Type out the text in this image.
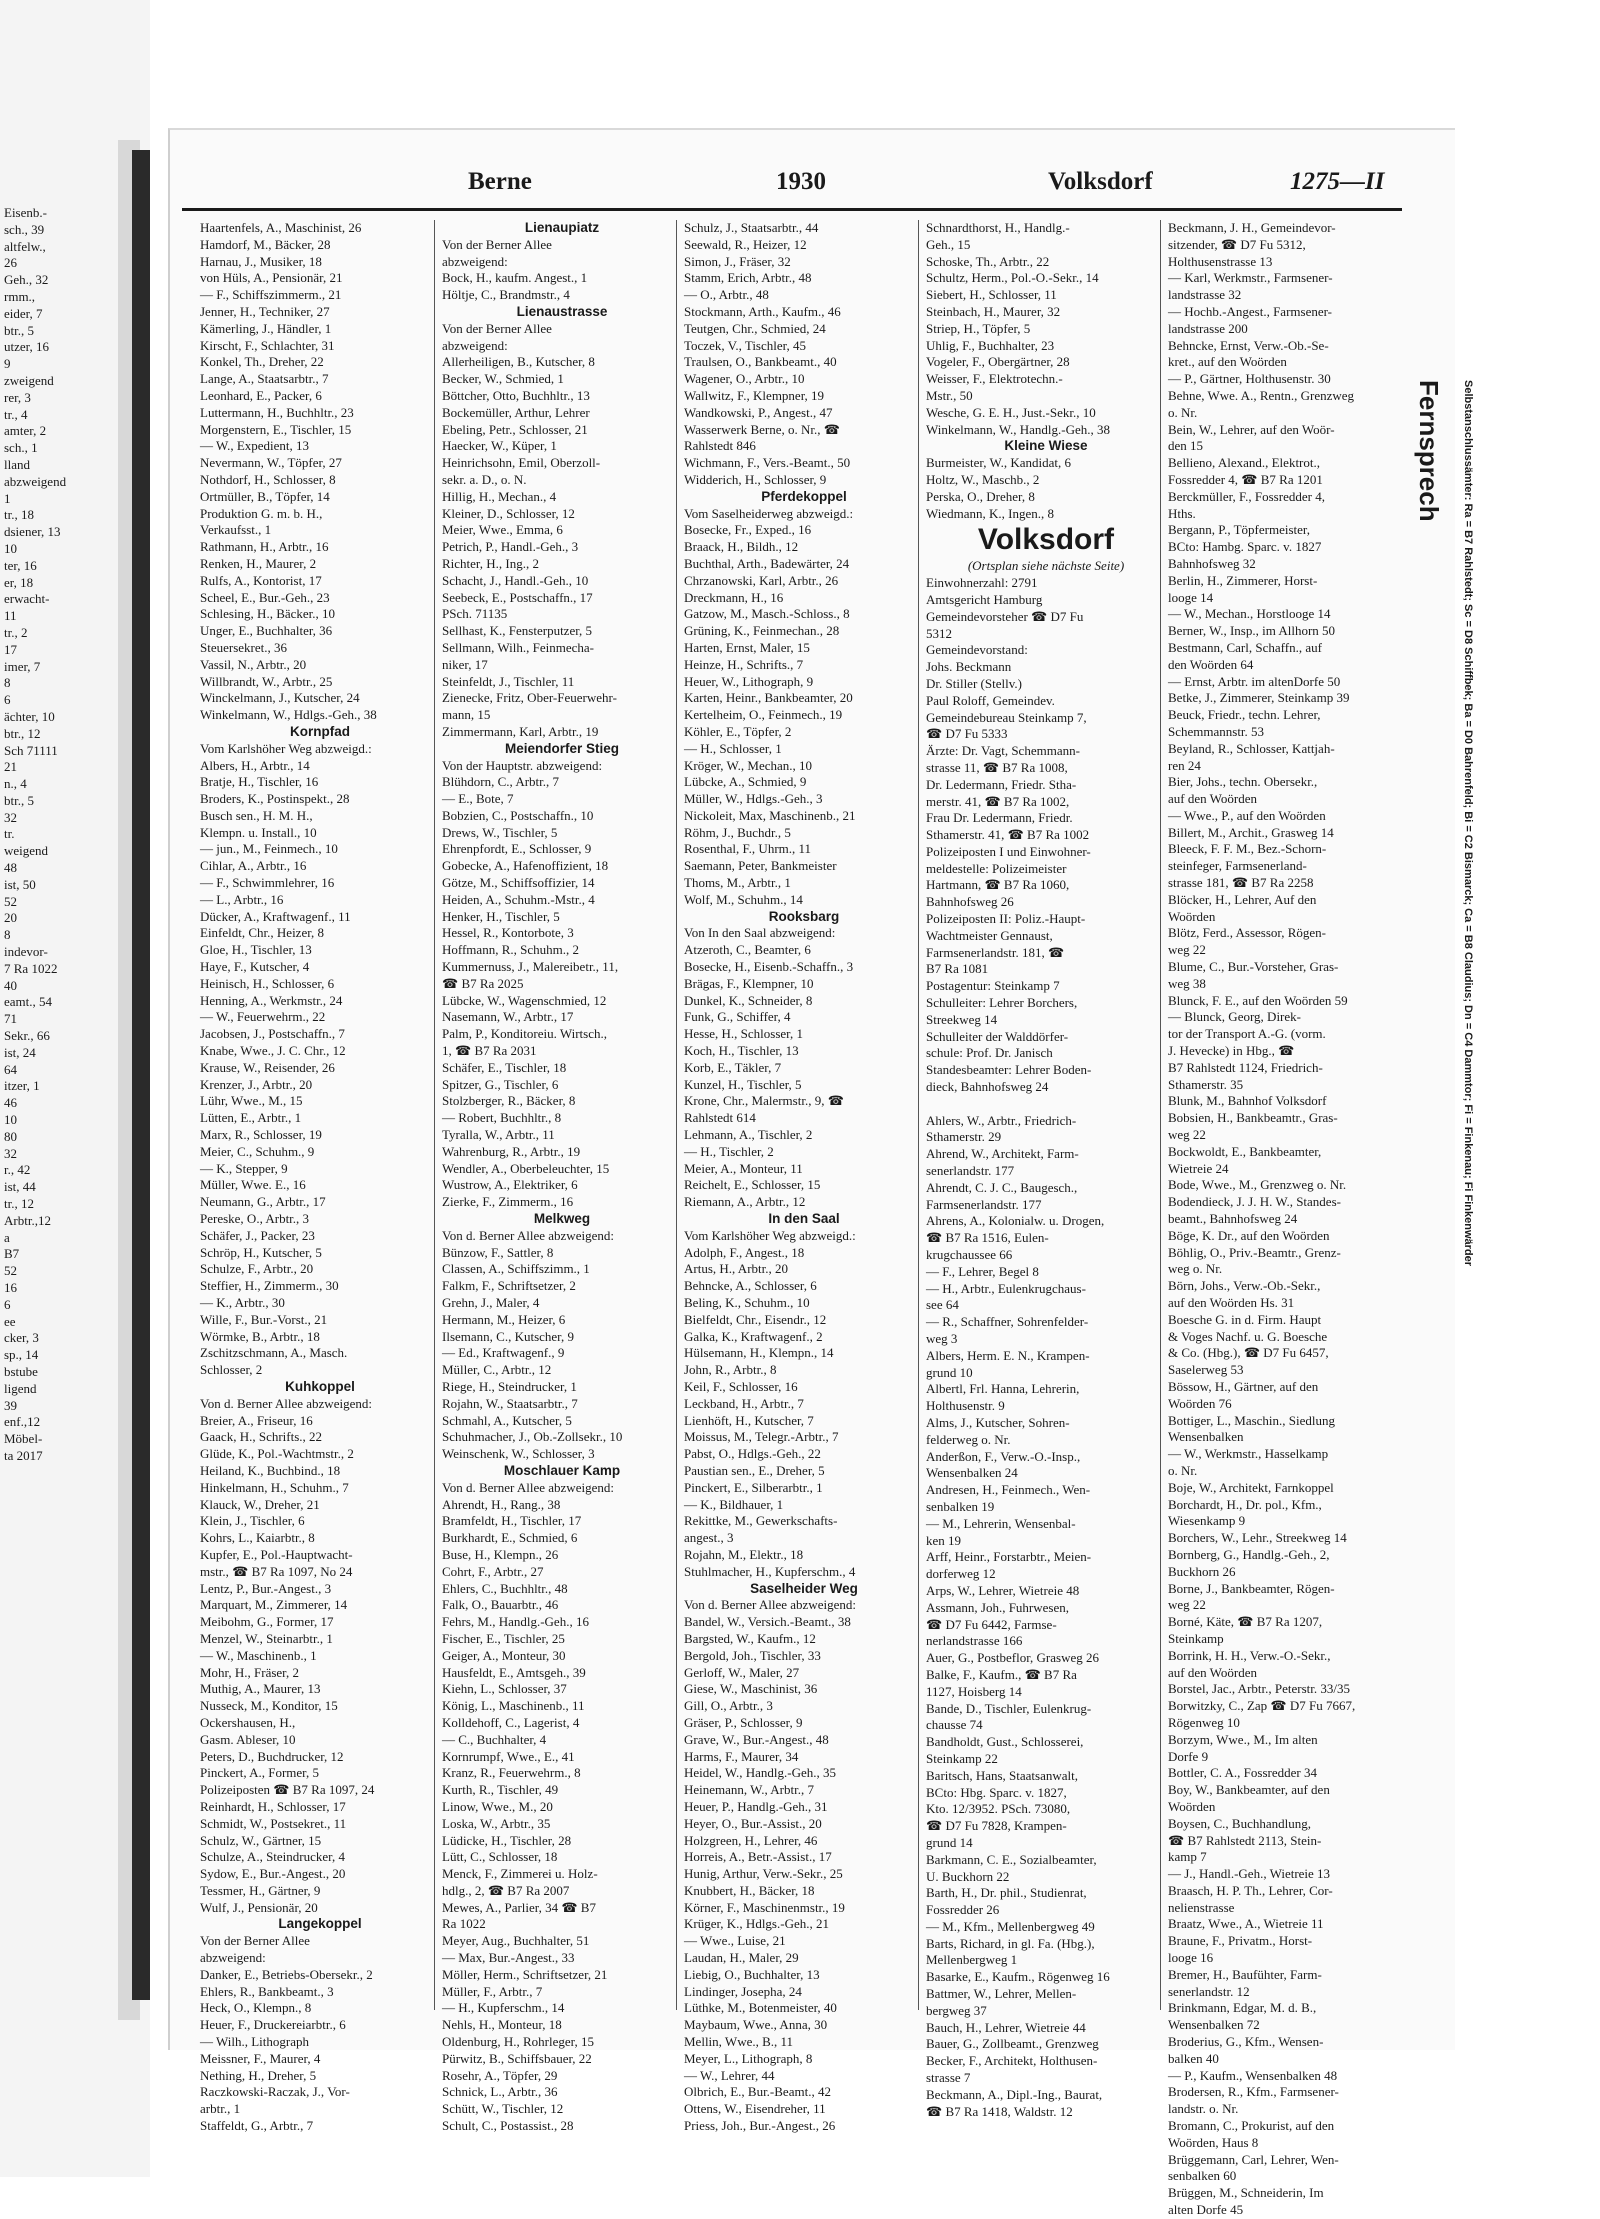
Eisenb.-
sch., 39
altfelw.,
26
Geh., 32
rmm.,
eider, 7
btr., 5
utzer, 16
9
zweigend
rer, 3
tr., 4
amter, 2
sch., 1
lland
abzweigend
1
tr., 18
dsiener, 13
10
ter, 16
er, 18
erwacht-
11
tr., 2
17
imer, 7
8
6
ächter, 10
btr., 12
Sch 71111
21
n., 4
btr., 5
32
tr.
weigend
48
ist, 50
52
20
8
indevor-
7 Ra 1022
40
eamt., 54
71
Sekr., 66
ist, 24
64
itzer, 1
46
10
80
32
r., 42
ist, 44
tr., 12
Arbtr.,12
a
B7
52
16
6
ee
cker, 3
sp., 14
bstube
ligend
39
enf.,12
Möbel-
ta 2017
Berne	1930	Volksdorf	1275—II
Haartenfels, A., Maschinist, 26
Hamdorf, M., Bäcker, 28
Harnau, J., Musiker, 18
von Hüls, A., Pensionär, 21
— F., Schiffszimmerm., 21
Jenner, H., Techniker, 27
Kämerling, J., Händler, 1
Kirscht, F., Schlachter, 31
Konkel, Th., Dreher, 22
Lange, A., Staatsarbtr., 7
Leonhard, E., Packer, 6
Luttermann, H., Buchhltr., 23
Morgenstern, E., Tischler, 15
— W., Expedient, 13
Nevermann, W., Töpfer, 27
Nothdorf, H., Schlosser, 8
Ortmüller, B., Töpfer, 14
Produktion G. m. b. H.,
Verkaufsst., 1
Rathmann, H., Arbtr., 16
Renken, H., Maurer, 2
Rulfs, A., Kontorist, 17
Scheel, E., Bur.-Geh., 23
Schlesing, H., Bäcker., 10
Unger, E., Buchhalter, 36
Steuersekret., 36
Vassil, N., Arbtr., 20
Willbrandt, W., Arbtr., 25
Winckelmann, J., Kutscher, 24
Winkelmann, W., Hdlgs.-Geh., 38
Kornpfad
Vom Karlshöher Weg abzweigd.:
Albers, H., Arbtr., 14
Bratje, H., Tischler, 16
Broders, K., Postinspekt., 28
Busch sen., H. M. H.,
Klempn. u. Install., 10
— jun., M., Feinmech., 10
Cihlar, A., Arbtr., 16
— F., Schwimmlehrer, 16
— L., Arbtr., 16
Dücker, A., Kraftwagenf., 11
Einfeldt, Chr., Heizer, 8
Gloe, H., Tischler, 13
Haye, F., Kutscher, 4
Heinisch, H., Schlosser, 6
Henning, A., Werkmstr., 24
— W., Feuerwehrm., 22
Jacobsen, J., Postschaffn., 7
Knabe, Wwe., J. C. Chr., 12
Krause, W., Reisender, 26
Krenzer, J., Arbtr., 20
Lühr, Wwe., M., 15
Lütten, E., Arbtr., 1
Marx, R., Schlosser, 19
Meier, C., Schuhm., 9
— K., Stepper, 9
Müller, Wwe. E., 16
Neumann, G., Arbtr., 17
Pereske, O., Arbtr., 3
Schäfer, J., Packer, 23
Schröp, H., Kutscher, 5
Schulze, F., Arbtr., 20
Steffier, H., Zimmerm., 30
— K., Arbtr., 30
Wille, F., Bur.-Vorst., 21
Wörmke, B., Arbtr., 18
Zschitzschmann, A., Masch.
Schlosser, 2
Kuhkoppel
Von d. Berner Allee abzweigend:
Breier, A., Friseur, 16
Gaack, H., Schrifts., 22
Glüde, K., Pol.-Wachtmstr., 2
Heiland, K., Buchbind., 18
Hinkelmann, H., Schuhm., 7
Klauck, W., Dreher, 21
Klein, J., Tischler, 6
Kohrs, L., Kaiarbtr., 8
Kupfer, E., Pol.-Hauptwacht-
mstr., ☎ B7 Ra 1097, No 24
Lentz, P., Bur.-Angest., 3
Marquart, M., Zimmerer, 14
Meibohm, G., Former, 17
Menzel, W., Steinarbtr., 1
— W., Maschinenb., 1
Mohr, H., Fräser, 2
Muthig, A., Maurer, 13
Nusseck, M., Konditor, 15
Ockershausen, H.,
Gasm. Ableser, 10
Peters, D., Buchdrucker, 12
Pinckert, A., Former, 5
Polizeiposten ☎ B7 Ra 1097, 24
Reinhardt, H., Schlosser, 17
Schmidt, W., Postsekret., 11
Schulz, W., Gärtner, 15
Schulze, A., Steindrucker, 4
Sydow, E., Bur.-Angest., 20
Tessmer, H., Gärtner, 9
Wulf, J., Pensionär, 20
Langekoppel
Von der Berner Allee
abzweigend:
Danker, E., Betriebs-Obersekr., 2
Ehlers, R., Bankbeamt., 3
Heck, O., Klempn., 8
Heuer, F., Druckereiarbtr., 6
— Wilh., Lithograph
Meissner, F., Maurer, 4
Nething, H., Dreher, 5
Raczkowski-Raczak, J., Vor-
arbtr., 1
Staffeldt, G., Arbtr., 7
Lienaupiatz
Von der Berner Allee
abzweigend:
Bock, H., kaufm. Angest., 1
Höltje, C., Brandmstr., 4
Lienaustrasse
Von der Berner Allee
abzweigend:
Allerheiligen, B., Kutscher, 8
Becker, W., Schmied, 1
Böttcher, Otto, Buchhltr., 13
Bockemüller, Arthur, Lehrer
Ebeling, Petr., Schlosser, 21
Haecker, W., Küper, 1
Heinrichsohn, Emil, Oberzoll-
sekr. a. D., o. N.
Hillig, H., Mechan., 4
Kleiner, D., Schlosser, 12
Meier, Wwe., Emma, 6
Petrich, P., Handl.-Geh., 3
Richter, H., Ing., 2
Schacht, J., Handl.-Geh., 10
Seebeck, E., Postschaffn., 17
PSch. 71135
Sellhast, K., Fensterputzer, 5
Sellmann, Wilh., Feinmecha-
niker, 17
Steinfeldt, J., Tischler, 11
Zienecke, Fritz, Ober-Feuerwehr-
mann, 15
Zimmermann, Karl, Arbtr., 19
Meiendorfer Stieg
Von der Hauptstr. abzweigend:
Blühdorn, C., Arbtr., 7
— E., Bote, 7
Bobzien, C., Postschaffn., 10
Drews, W., Tischler, 5
Ehrenpfordt, E., Schlosser, 9
Gobecke, A., Hafenoffizient, 18
Götze, M., Schiffsoffizier, 14
Heiden, A., Schuhm.-Mstr., 4
Henker, H., Tischler, 5
Hessel, R., Kontorbote, 3
Hoffmann, R., Schuhm., 2
Kummernuss, J., Malereibetr., 11,
☎ B7 Ra 2025
Lübcke, W., Wagenschmied, 12
Nasemann, W., Arbtr., 17
Palm, P., Konditoreiu. Wirtsch.,
1, ☎ B7 Ra 2031
Schäfer, E., Tischler, 18
Spitzer, G., Tischler, 6
Stolzberger, R., Bäcker, 8
— Robert, Buchhltr., 8
Tyralla, W., Arbtr., 11
Wahrenburg, R., Arbtr., 19
Wendler, A., Oberbeleuchter, 15
Wustrow, A., Elektriker, 6
Zierke, F., Zimmerm., 16
Melkweg
Von d. Berner Allee abzweigend:
Bünzow, F., Sattler, 8
Classen, A., Schiffszimm., 1
Falkm, F., Schriftsetzer, 2
Grehn, J., Maler, 4
Hermann, M., Heizer, 6
Ilsemann, C., Kutscher, 9
— Ed., Kraftwagenf., 9
Müller, C., Arbtr., 12
Riege, H., Steindrucker, 1
Rojahn, W., Staatsarbtr., 7
Schmahl, A., Kutscher, 5
Schuhmacher, J., Ob.-Zollsekr., 10
Weinschenk, W., Schlosser, 3
Moschlauer Kamp
Von d. Berner Allee abzweigend:
Ahrendt, H., Rang., 38
Bramfeldt, H., Tischler, 17
Burkhardt, E., Schmied, 6
Buse, H., Klempn., 26
Cohrt, F., Arbtr., 27
Ehlers, C., Buchhltr., 48
Falk, O., Bauarbtr., 46
Fehrs, M., Handlg.-Geh., 16
Fischer, E., Tischler, 25
Geiger, A., Monteur, 30
Hausfeldt, E., Amtsgeh., 39
Kiehn, L., Schlosser, 37
König, L., Maschinenb., 11
Kolldehoff, C., Lagerist, 4
— C., Buchhalter, 4
Kornrumpf, Wwe., E., 41
Kranz, R., Feuerwehrm., 8
Kurth, R., Tischler, 49
Linow, Wwe., M., 20
Loska, W., Arbtr., 35
Lüdicke, H., Tischler, 28
Lütt, C., Schlosser, 18
Menck, F., Zimmerei u. Holz-
hdlg., 2, ☎ B7 Ra 2007
Mewes, A., Parlier, 34 ☎ B7
Ra 1022
Meyer, Aug., Buchhalter, 51
— Max, Bur.-Angest., 33
Möller, Herm., Schriftsetzer, 21
Müller, F., Arbtr., 7
— H., Kupferschm., 14
Nehls, H., Monteur, 18
Oldenburg, H., Rohrleger, 15
Pürwitz, B., Schiffsbauer, 22
Rosehr, A., Töpfer, 29
Schnick, L., Arbtr., 36
Schütt, W., Tischler, 12
Schult, C., Postassist., 28
Schulz, J., Staatsarbtr., 44
Seewald, R., Heizer, 12
Simon, J., Fräser, 32
Stamm, Erich, Arbtr., 48
— O., Arbtr., 48
Stockmann, Arth., Kaufm., 46
Teutgen, Chr., Schmied, 24
Toczek, V., Tischler, 45
Traulsen, O., Bankbeamt., 40
Wagener, O., Arbtr., 10
Wallwitz, F., Klempner, 19
Wandkowski, P., Angest., 47
Wasserwerk Berne, o. Nr., ☎
Rahlstedt 846
Wichmann, F., Vers.-Beamt., 50
Widderich, H., Schlosser, 9
Pferdekoppel
Vom Saselheiderweg abzweigd.:
Bosecke, Fr., Exped., 16
Braack, H., Bildh., 12
Buchthal, Arth., Badewärter, 24
Chrzanowski, Karl, Arbtr., 26
Dreckmann, H., 16
Gatzow, M., Masch.-Schloss., 8
Grüning, K., Feinmechan., 28
Harten, Ernst, Maler, 15
Heinze, H., Schrifts., 7
Heuer, W., Lithograph, 9
Karten, Heinr., Bankbeamter, 20
Kertelheim, O., Feinmech., 19
Köhler, E., Töpfer, 2
— H., Schlosser, 1
Kröger, W., Mechan., 10
Lübcke, A., Schmied, 9
Müller, W., Hdlgs.-Geh., 3
Nickoleit, Max, Maschinenb., 21
Röhm, J., Buchdr., 5
Rosenthal, F., Uhrm., 11
Saemann, Peter, Bankmeister
Thoms, M., Arbtr., 1
Wolf, M., Schuhm., 14
Rooksbarg
Von In den Saal abzweigend:
Atzeroth, C., Beamter, 6
Bosecke, H., Eisenb.-Schaffn., 3
Brägas, F., Klempner, 10
Dunkel, K., Schneider, 8
Funk, G., Schiffer, 4
Hesse, H., Schlosser, 1
Koch, H., Tischler, 13
Korb, E., Täkler, 7
Kunzel, H., Tischler, 5
Krone, Chr., Malermstr., 9, ☎
Rahlstedt 614
Lehmann, A., Tischler, 2
— H., Tischler, 2
Meier, A., Monteur, 11
Reichelt, E., Schlosser, 15
Riemann, A., Arbtr., 12
In den Saal
Vom Karlshöher Weg abzweigd.:
Adolph, F., Angest., 18
Artus, H., Arbtr., 20
Behncke, A., Schlosser, 6
Beling, K., Schuhm., 10
Bielfeldt, Chr., Eisendr., 12
Galka, K., Kraftwagenf., 2
Hülsemann, H., Klempn., 14
John, R., Arbtr., 8
Keil, F., Schlosser, 16
Leckband, H., Arbtr., 7
Lienhöft, H., Kutscher, 7
Moissus, M., Telegr.-Arbtr., 7
Pabst, O., Hdlgs.-Geh., 22
Paustian sen., E., Dreher, 5
Pinckert, E., Silberarbtr., 1
— K., Bildhauer, 1
Rekittke, M., Gewerkschafts-
angest., 3
Rojahn, M., Elektr., 18
Stuhlmacher, H., Kupferschm., 4
Saselheider Weg
Von d. Berner Allee abzweigend:
Bandel, W., Versich.-Beamt., 38
Bargsted, W., Kaufm., 12
Bergold, Joh., Tischler, 33
Gerloff, W., Maler, 27
Giese, W., Maschinist, 36
Gill, O., Arbtr., 3
Gräser, P., Schlosser, 9
Grave, W., Bur.-Angest., 48
Harms, F., Maurer, 34
Heidel, W., Handlg.-Geh., 35
Heinemann, W., Arbtr., 7
Heuer, P., Handlg.-Geh., 31
Heyer, O., Bur.-Assist., 20
Holzgreen, H., Lehrer, 46
Horreis, A., Betr.-Assist., 17
Hunig, Arthur, Verw.-Sekr., 25
Knubbert, H., Bäcker, 18
Körner, F., Maschinenmstr., 19
Krüger, K., Hdlgs.-Geh., 21
— Wwe., Luise, 21
Laudan, H., Maler, 29
Liebig, O., Buchhalter, 13
Lindinger, Josepha, 24
Lüthke, M., Botenmeister, 40
Maybaum, Wwe., Anna, 30
Mellin, Wwe., B., 11
Meyer, L., Lithograph, 8
— W., Lehrer, 44
Olbrich, E., Bur.-Beamt., 42
Ottens, W., Eisendreher, 11
Priess, Joh., Bur.-Angest., 26
Schnardthorst, H., Handlg.-
Geh., 15
Schoske, Th., Arbtr., 22
Schultz, Herm., Pol.-O.-Sekr., 14
Siebert, H., Schlosser, 11
Steinbach, H., Maurer, 32
Striep, H., Töpfer, 5
Uhlig, F., Buchhalter, 23
Vogeler, F., Obergärtner, 28
Weisser, F., Elektrotechn.-
Mstr., 50
Wesche, G. E. H., Just.-Sekr., 10
Winkelmann, W., Handlg.-Geh., 38
Kleine Wiese
Burmeister, W., Kandidat, 6
Holtz, W., Maschb., 2
Perska, O., Dreher, 8
Wiedmann, K., Ingen., 8
Volksdorf
(Ortsplan siehe nächste Seite)
Einwohnerzahl: 2791
Amtsgericht Hamburg
Gemeindevorsteher ☎ D7 Fu
5312
Gemeindevorstand:
Johs. Beckmann
Dr. Stiller (Stellv.)
Paul Roloff, Gemeindev.
Gemeindebureau Steinkamp 7,
☎ D7 Fu 5333
Ärzte: Dr. Vagt, Schemmann-
strasse 11, ☎ B7 Ra 1008,
Dr. Ledermann, Friedr. Stha-
merstr. 41, ☎ B7 Ra 1002,
Frau Dr. Ledermann, Friedr.
Sthamerstr. 41, ☎ B7 Ra 1002
Polizeiposten I und Einwohner-
meldestelle: Polizeimeister
Hartmann, ☎ B7 Ra 1060,
Bahnhofsweg 26
Polizeiposten II: Poliz.-Haupt-
Wachtmeister Gennaust,
Farmsenerlandstr. 181, ☎
B7 Ra 1081
Postagentur: Steinkamp 7
Schulleiter: Lehrer Borchers,
Streekweg 14
Schulleiter der Walddörfer-
schule: Prof. Dr. Janisch
Standesbeamter: Lehrer Boden-
dieck, Bahnhofsweg 24

Ahlers, W., Arbtr., Friedrich-
Sthamerstr. 29
Ahrend, W., Architekt, Farm-
senerlandstr. 177
Ahrendt, C. J. C., Baugesch.,
Farmsenerlandstr. 177
Ahrens, A., Kolonialw. u. Drogen,
☎ B7 Ra 1516, Eulen-
krugchaussee 66
— F., Lehrer, Begel 8
— H., Arbtr., Eulenkrugchaus-
see 64
— R., Schaffner, Sohrenfelder-
weg 3
Albers, Herm. E. N., Krampen-
grund 10
Albertl, Frl. Hanna, Lehrerin,
Holthusenstr. 9
Alms, J., Kutscher, Sohren-
felderweg o. Nr.
Anderßon, F., Verw.-O.-Insp.,
Wensenbalken 24
Andresen, H., Feinmech., Wen-
senbalken 19
— M., Lehrerin, Wensenbal-
ken 19
Arff, Heinr., Forstarbtr., Meien-
dorferweg 12
Arps, W., Lehrer, Wietreie 48
Assmann, Joh., Fuhrwesen,
☎ D7 Fu 6442, Farmse-
nerlandstrasse 166
Auer, G., Postbeflor, Grasweg 26
Balke, F., Kaufm., ☎ B7 Ra
1127, Hoisberg 14
Bande, D., Tischler, Eulenkrug-
chausse 74
Bandholdt, Gust., Schlosserei,
Steinkamp 22
Baritsch, Hans, Staatsanwalt,
BCto: Hbg. Sparc. v. 1827,
Kto. 12/3952. PSch. 73080,
☎ D7 Fu 7828, Krampen-
grund 14
Barkmann, C. E., Sozialbeamter,
U. Buckhorn 22
Barth, H., Dr. phil., Studienrat,
Fossredder 26
— M., Kfm., Mellenbergweg 49
Barts, Richard, in gl. Fa. (Hbg.),
Mellenbergweg 1
Basarke, E., Kaufm., Rögenweg 16
Battmer, W., Lehrer, Mellen-
bergweg 37
Bauch, H., Lehrer, Wietreie 44
Bauer, G., Zollbeamt., Grenzweg
Becker, F., Architekt, Holthusen-
strasse 7
Beckmann, A., Dipl.-Ing., Baurat,
☎ B7 Ra 1418, Waldstr. 12
Beckmann, J. H., Gemeindevor-
sitzender, ☎ D7 Fu 5312,
Holthusenstrasse 13
— Karl, Werkmstr., Farmsener-
landstrasse 32
— Hochb.-Angest., Farmsener-
landstrasse 200
Behncke, Ernst, Verw.-Ob.-Se-
kret., auf den Woörden
— P., Gärtner, Holthusenstr. 30
Behne, Wwe. A., Rentn., Grenzweg
o. Nr.
Bein, W., Lehrer, auf den Woör-
den 15
Bellieno, Alexand., Elektrot.,
Fossredder 4, ☎ B7 Ra 1201
Berckmüller, F., Fossredder 4,
Hths.
Bergann, P., Töpfermeister,
BCto: Hambg. Sparc. v. 1827
Bahnhofsweg 32
Berlin, H., Zimmerer, Horst-
looge 14
— W., Mechan., Horstlooge 14
Berner, W., Insp., im Allhorn 50
Bestmann, Carl, Schaffn., auf
den Woörden 64
— Ernst, Arbtr. im altenDorfe 50
Betke, J., Zimmerer, Steinkamp 39
Beuck, Friedr., techn. Lehrer,
Schemmannstr. 53
Beyland, R., Schlosser, Kattjah-
ren 24
Bier, Johs., techn. Obersekr.,
auf den Woörden
— Wwe., P., auf den Woörden
Billert, M., Archit., Grasweg 14
Bleeck, F. F. M., Bez.-Schorn-
steinfeger, Farmsenerland-
strasse 181, ☎ B7 Ra 2258
Blöcker, H., Lehrer, Auf den
Woörden
Blötz, Ferd., Assessor, Rögen-
weg 22
Blume, C., Bur.-Vorsteher, Gras-
weg 38
Blunck, F. E., auf den Woörden 59
— Blunck, Georg, Direk-
tor der Transport A.-G. (vorm.
J. Hevecke) in Hbg., ☎
B7 Rahlstedt 1124, Friedrich-
Sthamerstr. 35
Blunk, M., Bahnhof Volksdorf
Bobsien, H., Bankbeamtr., Gras-
weg 22
Bockwoldt, E., Bankbeamter,
Wietreie 24
Bode, Wwe., M., Grenzweg o. Nr.
Bodendieck, J. J. H. W., Standes-
beamt., Bahnhofsweg 24
Böge, K. Dr., auf den Woörden
Böhlig, O., Priv.-Beamtr., Grenz-
weg o. Nr.
Börn, Johs., Verw.-Ob.-Sekr.,
auf den Woörden Hs. 31
Boesche G. in d. Firm. Haupt
& Voges Nachf. u. G. Boesche
& Co. (Hbg.), ☎ D7 Fu 6457,
Saselerweg 53
Bössow, H., Gärtner, auf den
Woörden 76
Bottiger, L., Maschin., Siedlung
Wensenbalken
— W., Werkmstr., Hasselkamp
o. Nr.
Boje, W., Architekt, Farnkoppel
Borchardt, H., Dr. pol., Kfm.,
Wiesenkamp 9
Borchers, W., Lehr., Streekweg 14
Bornberg, G., Handlg.-Geh., 2,
Buckhorn 26
Borne, J., Bankbeamter, Rögen-
weg 22
Borné, Käte, ☎ B7 Ra 1207,
Steinkamp
Borrink, H. H., Verw.-O.-Sekr.,
auf den Woörden
Borstel, Jac., Arbtr., Peterstr. 33/35
Borwitzky, C., Zap ☎ D7 Fu 7667,
Rögenweg 10
Borzym, Wwe., M., Im alten
Dorfe 9
Bottler, C. A., Fossredder 34
Boy, W., Bankbeamter, auf den
Woörden
Boysen, C., Buchhandlung,
☎ B7 Rahlstedt 2113, Stein-
kamp 7
— J., Handl.-Geh., Wietreie 13
Braasch, H. P. Th., Lehrer, Cor-
nelienstrasse
Braatz, Wwe., A., Wietreie 11
Braune, F., Privatm., Horst-
looge 16
Bremer, H., Baufühter, Farm-
senerlandstr. 12
Brinkmann, Edgar, M. d. B.,
Wensenbalken 72
Broderius, G., Kfm., Wensen-
balken 40
— P., Kaufm., Wensenbalken 48
Brodersen, R., Kfm., Farmsener-
landstr. o. Nr.
Bromann, C., Prokurist, auf den
Woörden, Haus 8
Brüggemann, Carl, Lehrer, Wen-
senbalken 60
Brüggen, M., Schneiderin, Im
alten Dorfe 45
Fernsprech Selbstanschlussämter: Ra = B7 Rahlstedt; Sc = D8 Schiffbek; Ba = D0 Bahrenfeld; Bi = C2 Bismarck; Ca = B8 Claudius; Dn = C4 Dammtor; Fi = Finkenau; Fi Finkenwärder
